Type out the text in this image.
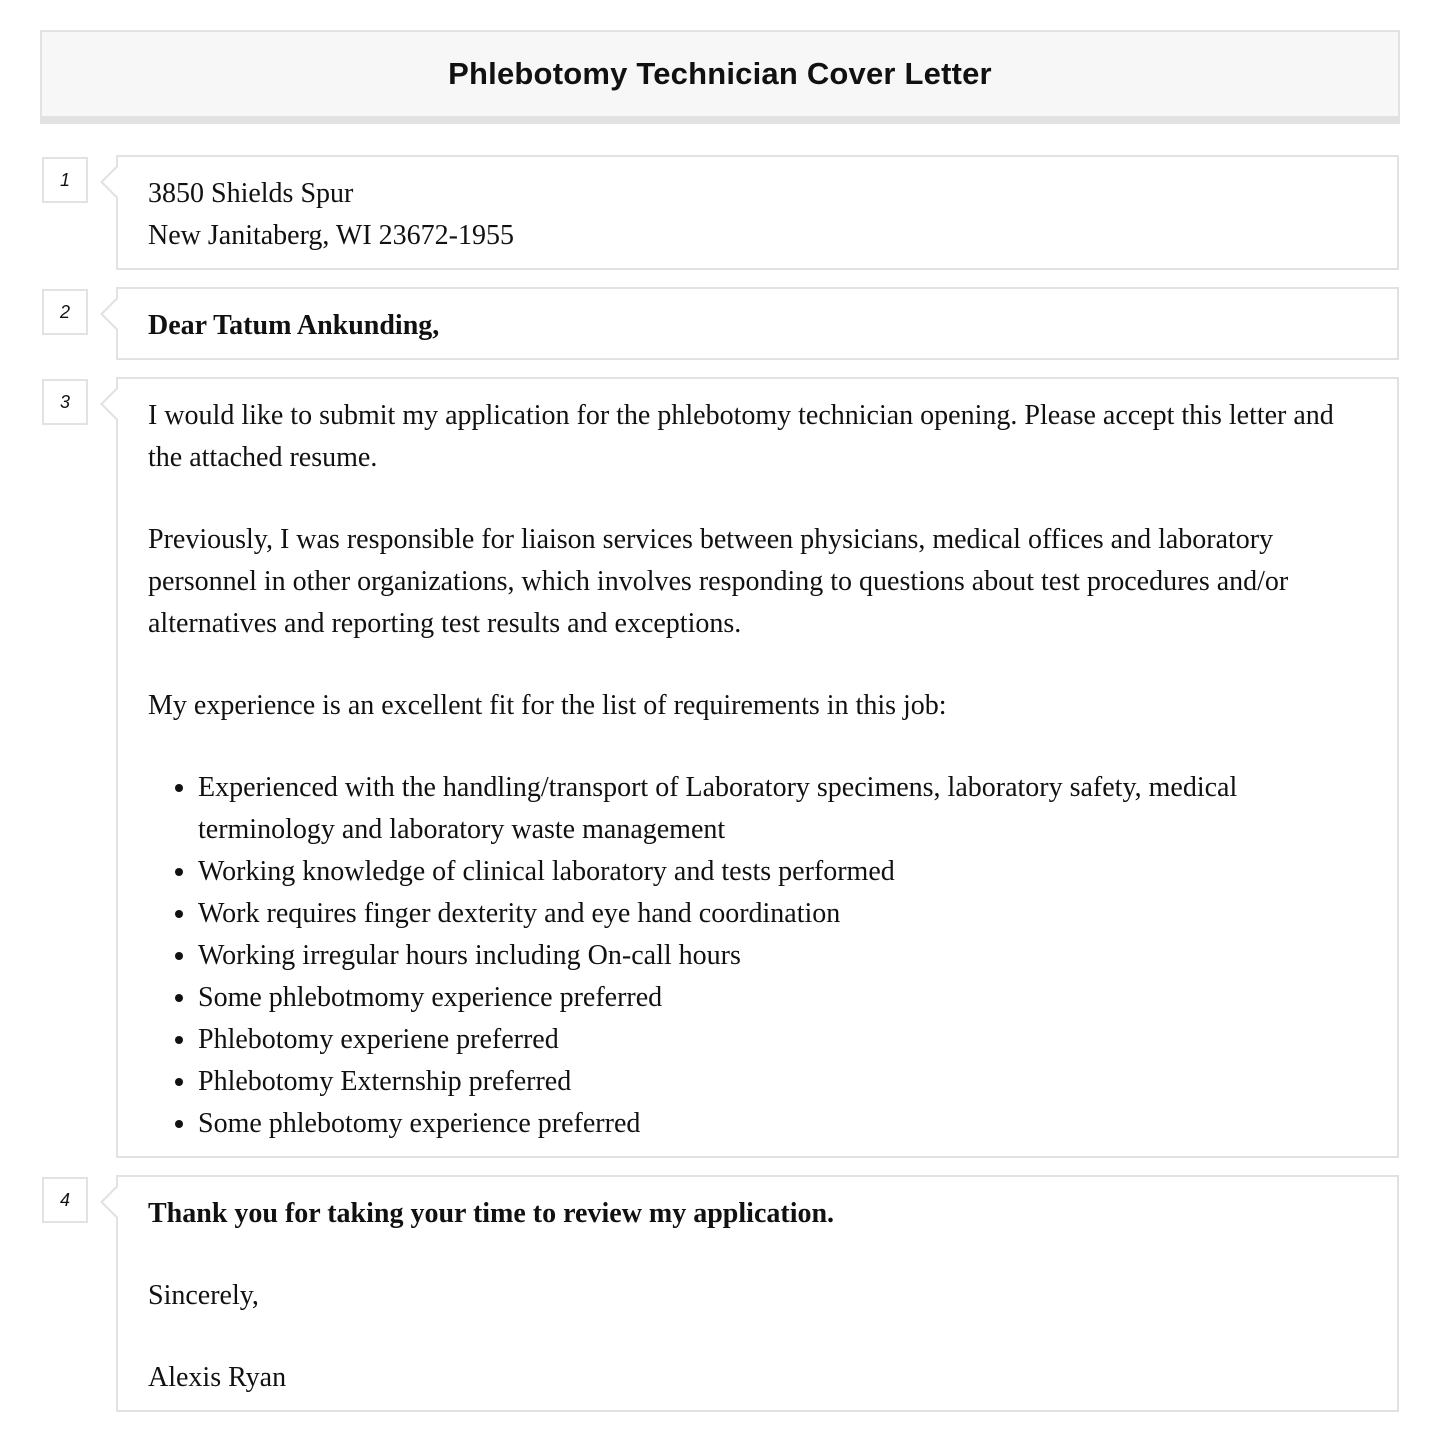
Phlebotomy Technician Cover Letter
1	3850 Shields Spur
New Janitaberg, WI 23672-1955
2	Dear Tatum Ankunding,
3	I would like to submit my application for the phlebotomy technician opening. Please accept this letter and the attached resume.

Previously, I was responsible for liaison services between physicians, medical offices and laboratory personnel in other organizations, which involves responding to questions about test procedures and/or alternatives and reporting test results and exceptions.

My experience is an excellent fit for the list of requirements in this job:

• Experienced with the handling/transport of Laboratory specimens, laboratory safety, medical terminology and laboratory waste management
• Working knowledge of clinical laboratory and tests performed
• Work requires finger dexterity and eye hand coordination
• Working irregular hours including On-call hours
• Some phlebotmomy experience preferred
• Phlebotomy experiene preferred
• Phlebotomy Externship preferred
• Some phlebotomy experience preferred
4	Thank you for taking your time to review my application.

Sincerely,

Alexis Ryan
